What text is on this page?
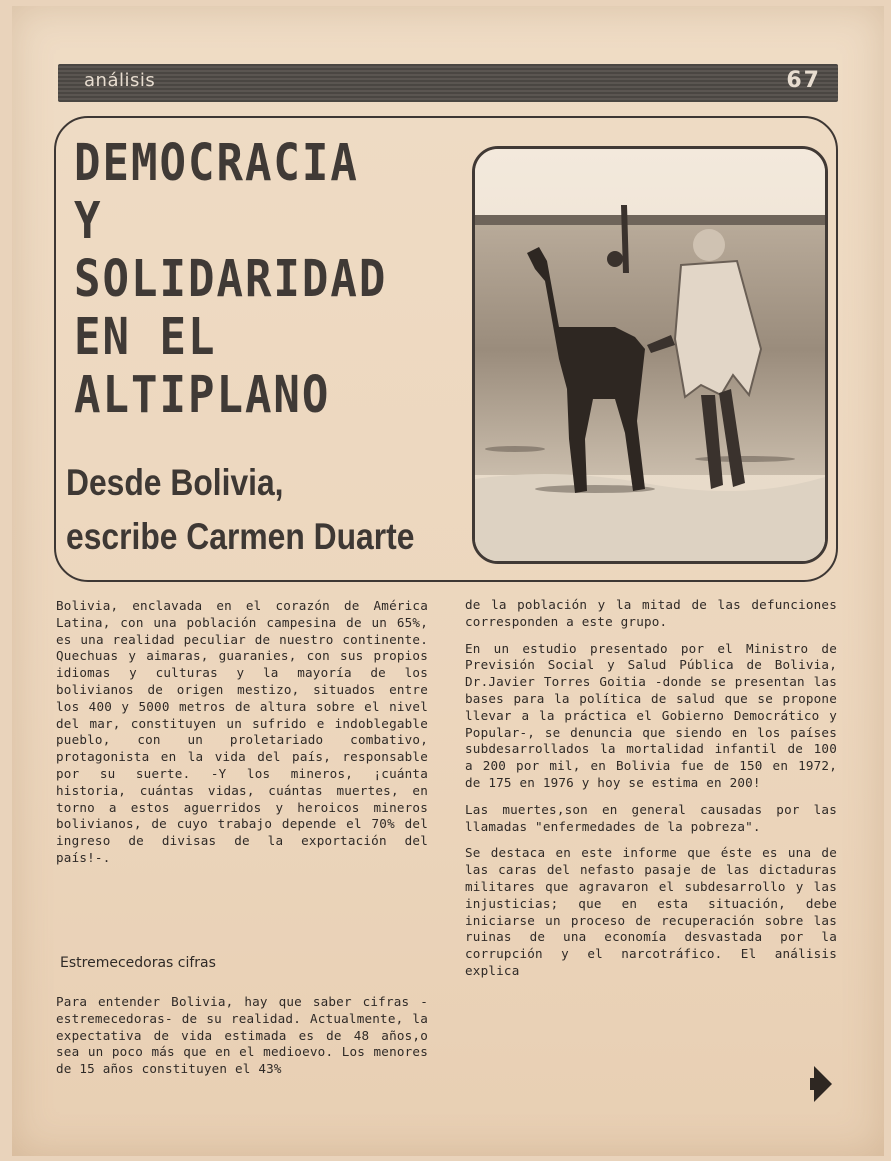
análisis	67
DEMOCRACIA
Y
SOLIDARIDAD
EN EL
ALTIPLANO
Desde Bolivia,
escribe Carmen Duarte

Bolivia, enclavada en el corazón de América Latina, con una población campesina de un 65%, es una realidad peculiar de nuestro continente. Quechuas y aimaras, guaranies, con sus propios idiomas y culturas y la mayoría de los bolivianos de origen mestizo, situados entre los 400 y 5000 metros de altura sobre el nivel del mar, constituyen un sufrido e indoblegable pueblo, con un proletariado combativo, protagonista en la vida del país, responsable por su suerte. -Y los mineros, ¡cuánta historia, cuántas vidas, cuántas muertes, en torno a estos aguerridos y heroicos mineros bolivianos, de cuyo trabajo depende el 70% del ingreso de divisas de la exportación del país!-.

Estremecedoras cifras

Para entender Bolivia, hay que saber cifras -estremecedoras- de su realidad. Actualmente, la expectativa de vida estimada es de 48 años,o sea un poco más que en el medioevo. Los menores de 15 años constituyen el 43%

de la población y la mitad de las defunciones corresponden a este grupo.

En un estudio presentado por el Ministro de Previsión Social y Salud Pública de Bolivia, Dr.Javier Torres Goitia -donde se presentan las bases para la política de salud que se propone llevar a la práctica el Gobierno Democrático y Popular-, se denuncia que siendo en los países subdesarrollados la mortalidad infantil de 100 a 200 por mil, en Bolivia fue de 150 en 1972, de 175 en 1976 y hoy se estima en 200!

Las muertes,son en general causadas por las llamadas "enfermedades de la pobreza".

Se destaca en este informe que éste es una de las caras del nefasto pasaje de las dictaduras militares que agravaron el subdesarrollo y las injusticias; que en esta situación, debe iniciarse un proceso de recuperación sobre las ruinas de una economía desvastada por la corrupción y el narcotráfico. El análisis explica
